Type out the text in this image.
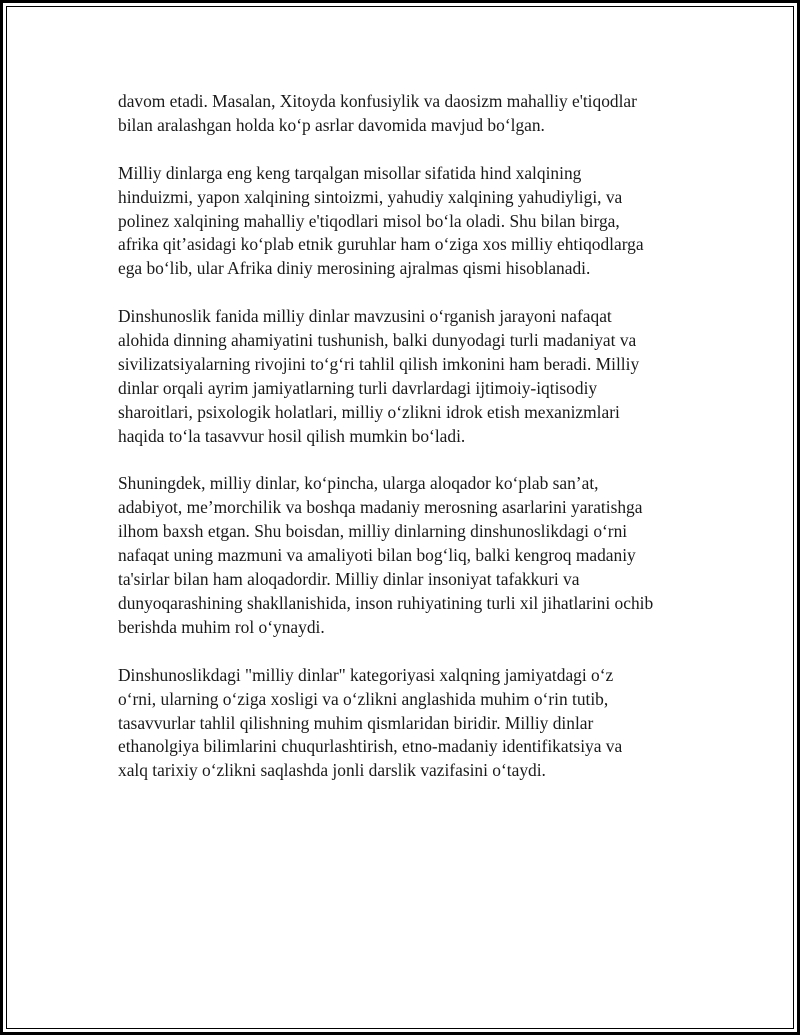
davom etadi. Masalan, Xitoyda konfusiylik va daosizm mahalliy e'tiqodlar
bilan aralashgan holda ko‘p asrlar davomida mavjud bo‘lgan.

Milliy dinlarga eng keng tarqalgan misollar sifatida hind xalqining
hinduizmi, yapon xalqining sintoizmi, yahudiy xalqining yahudiyligi, va
polinez xalqining mahalliy e'tiqodlari misol bo‘la oladi. Shu bilan birga,
afrika qit’asidagi ko‘plab etnik guruhlar ham o‘ziga xos milliy ehtiqodlarga
ega bo‘lib, ular Afrika diniy merosining ajralmas qismi hisoblanadi.

Dinshunoslik fanida milliy dinlar mavzusini o‘rganish jarayoni nafaqat
alohida dinning ahamiyatini tushunish, balki dunyodagi turli madaniyat va
sivilizatsiyalarning rivojini to‘g‘ri tahlil qilish imkonini ham beradi. Milliy
dinlar orqali ayrim jamiyatlarning turli davrlardagi ijtimoiy-iqtisodiy
sharoitlari, psixologik holatlari, milliy o‘zlikni idrok etish mexanizmlari
haqida to‘la tasavvur hosil qilish mumkin bo‘ladi.

Shuningdek, milliy dinlar, ko‘pincha, ularga aloqador ko‘plab san’at,
adabiyot, me’morchilik va boshqa madaniy merosning asarlarini yaratishga
ilhom baxsh etgan. Shu boisdan, milliy dinlarning dinshunoslikdagi o‘rni
nafaqat uning mazmuni va amaliyoti bilan bog‘liq, balki kengroq madaniy
ta'sirlar bilan ham aloqadordir. Milliy dinlar insoniyat tafakkuri va
dunyoqarashining shakllanishida, inson ruhiyatining turli xil jihatlarini ochib
berishda muhim rol o‘ynaydi.

Dinshunoslikdagi "milliy dinlar" kategoriyasi xalqning jamiyatdagi o‘z
o‘rni, ularning o‘ziga xosligi va o‘zlikni anglashida muhim o‘rin tutib,
tasavvurlar tahlil qilishning muhim qismlaridan biridir. Milliy dinlar
ethanolgiya bilimlarini chuqurlashtirish, etno-madaniy identifikatsiya va
xalq tarixiy o‘zlikni saqlashda jonli darslik vazifasini o‘taydi.
